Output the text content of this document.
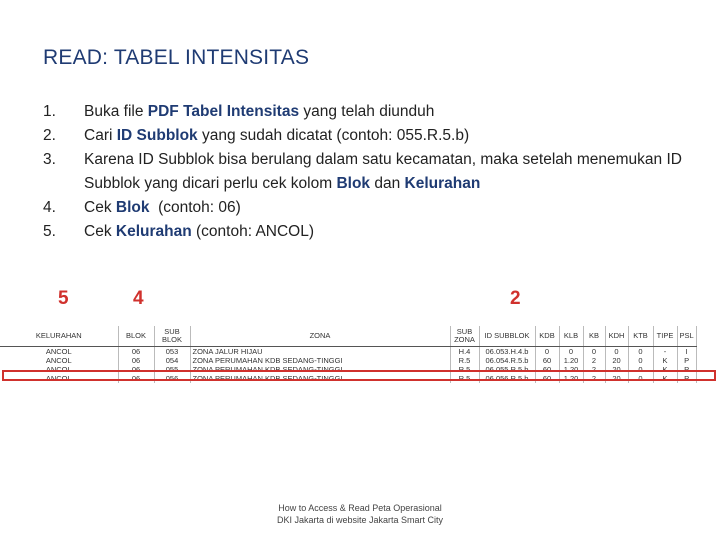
READ: TABEL INTENSITAS
1.	Buka file PDF Tabel Intensitas yang telah diunduh
2.	Cari ID Subblok yang sudah dicatat (contoh: 055.R.5.b)
3.	Karena ID Subblok bisa berulang dalam satu kecamatan, maka setelah menemukan ID Subblok yang dicari perlu cek kolom Blok dan Kelurahan
4.	Cek Blok  (contoh: 06)
5.	Cek Kelurahan (contoh: ANCOL)
5	4	2
KELURAHAN	BLOK	SUB BLOK	ZONA	SUB ZONA	ID SUBBLOK	KDB	KLB	KB	KDH	KTB	TIPE	PSL
ANCOL	06	053	ZONA JALUR HIJAU	H.4	06.053.H.4.b	0	0	0	0	0	-	I
ANCOL	06	054	ZONA PERUMAHAN KDB SEDANG-TINGGI	R.5	06.054.R.5.b	60	1.20	2	20	0	K	P
ANCOL	06	055	ZONA PERUMAHAN KDB SEDANG-TINGGI	R.5	06.055.R.5.b	60	1.20	2	20	0	K	P
ANCOL	06	056	ZONA PERUMAHAN KDB SEDANG-TINGGI	R.5	06.056.R.5.b	60	1.20	2	20	0	K	P
How to Access & Read Peta Operasional
DKI Jakarta di website Jakarta Smart City
